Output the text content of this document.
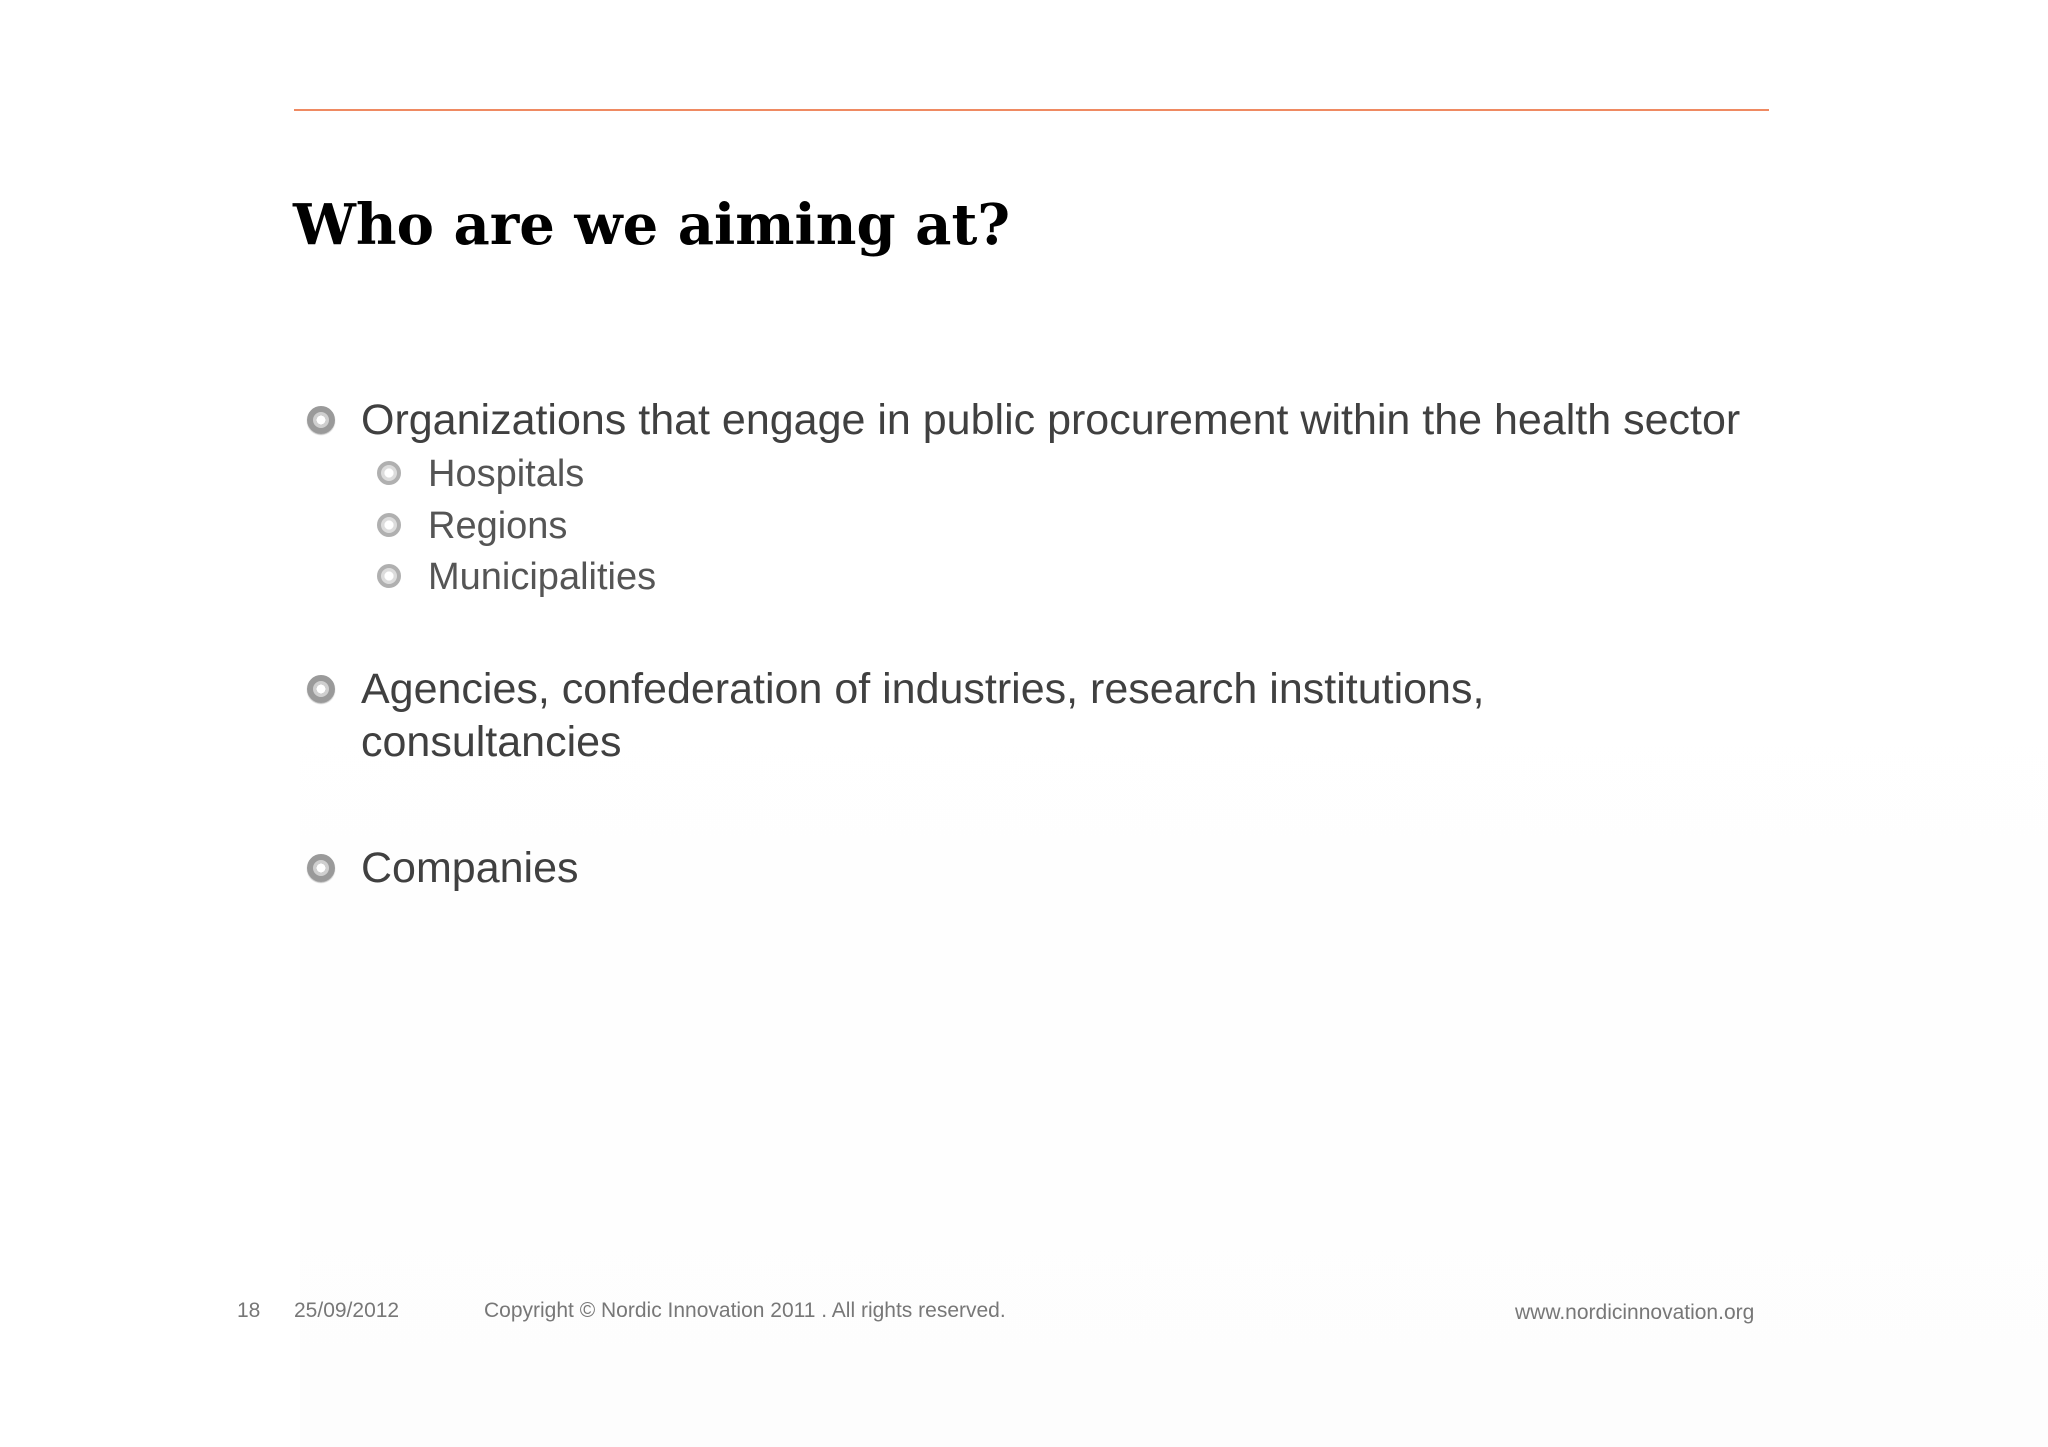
Who are we aiming at?
Organizations that engage in public procurement within the health sector
Hospitals
Regions
Municipalities
Agencies, confederation of industries, research institutions,
consultancies
Companies
18 25/09/2012	Copyright © Nordic Innovation 2011 . All rights reserved.	www.nordicinnovation.org
